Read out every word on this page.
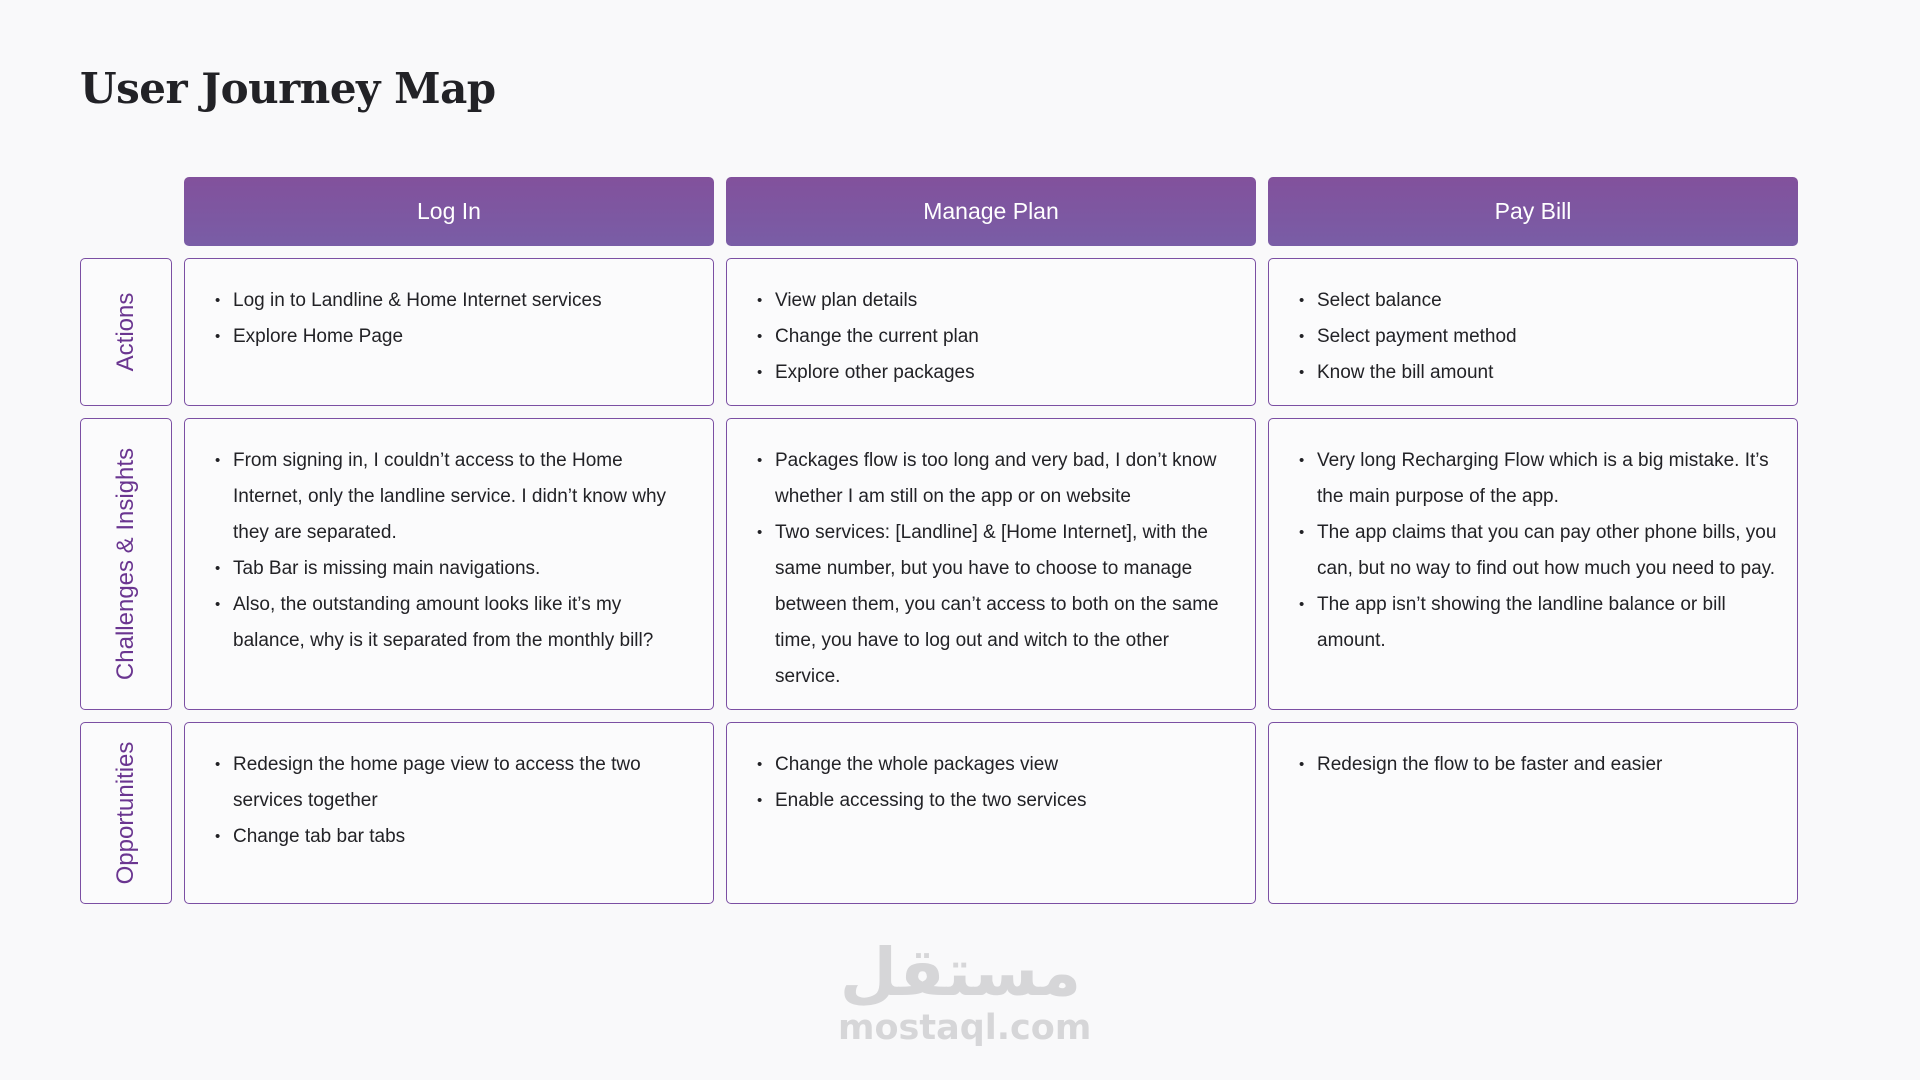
User Journey Map
Log In	Manage Plan	Pay Bill
Actions
Challenges & Insights
Opportunities
• Log in to Landline & Home Internet services
• Explore Home Page
• View plan details
• Change the current plan
• Explore other packages
• Select balance
• Select payment method
• Know the bill amount
• From signing in, I couldn’t access to the Home Internet, only the landline service. I didn’t know why they are separated.
• Tab Bar is missing main navigations.
• Also, the outstanding amount looks like it’s my balance, why is it separated from the monthly bill?
• Packages flow is too long and very bad, I don’t know whether I am still on the app or on website
• Two services: [Landline] & [Home Internet], with the same number, but you have to choose to manage between them, you can’t access to both on the same time, you have to log out and witch to the other service.
• Very long Recharging Flow which is a big mistake. It’s the main purpose of the app.
• The app claims that you can pay other phone bills, you can, but no way to find out how much you need to pay.
• The app isn’t showing the landline balance or bill amount.
• Redesign the home page view to access the two services together
• Change tab bar tabs
• Change the whole packages view
• Enable accessing to the two services
• Redesign the flow to be faster and easier
مستقل
mostaql.com
